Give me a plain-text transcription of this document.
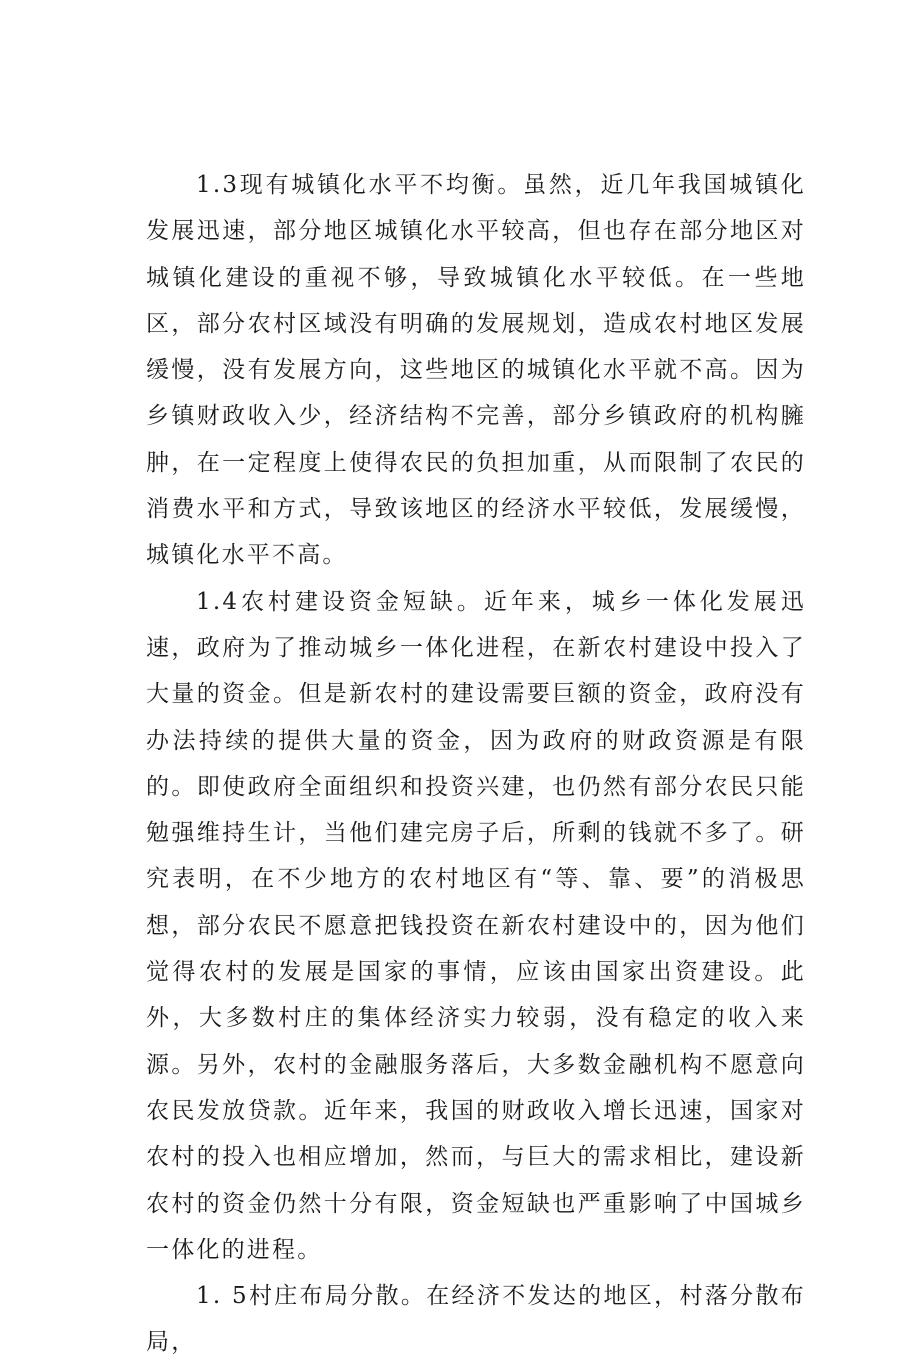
1.3现有城镇化水平不均衡。虽然，近几年我国城镇化发展迅速，部分地区城镇化水平较高，但也存在部分地区对城镇化建设的重视不够，导致城镇化水平较低。在一些地区，部分农村区域没有明确的发展规划，造成农村地区发展缓慢，没有发展方向，这些地区的城镇化水平就不高。因为乡镇财政收入少，经济结构不完善，部分乡镇政府的机构臃肿，在一定程度上使得农民的负担加重，从而限制了农民的消费水平和方式，导致该地区的经济水平较低，发展缓慢，城镇化水平不高。

1.4农村建设资金短缺。近年来，城乡一体化发展迅速，政府为了推动城乡一体化进程，在新农村建设中投入了大量的资金。但是新农村的建设需要巨额的资金，政府没有办法持续的提供大量的资金，因为政府的财政资源是有限的。即使政府全面组织和投资兴建，也仍然有部分农民只能勉强维持生计，当他们建完房子后，所剩的钱就不多了。研究表明，在不少地方的农村地区有“等、靠、要”的消极思想，部分农民不愿意把钱投资在新农村建设中的，因为他们觉得农村的发展是国家的事情，应该由国家出资建设。此外，大多数村庄的集体经济实力较弱，没有稳定的收入来源。另外，农村的金融服务落后，大多数金融机构不愿意向农民发放贷款。近年来，我国的财政收入增长迅速，国家对农村的投入也相应增加，然而，与巨大的需求相比，建设新农村的资金仍然十分有限，资金短缺也严重影响了中国城乡一体化的进程。

1. 5村庄布局分散。在经济不发达的地区，村落分散布局，
